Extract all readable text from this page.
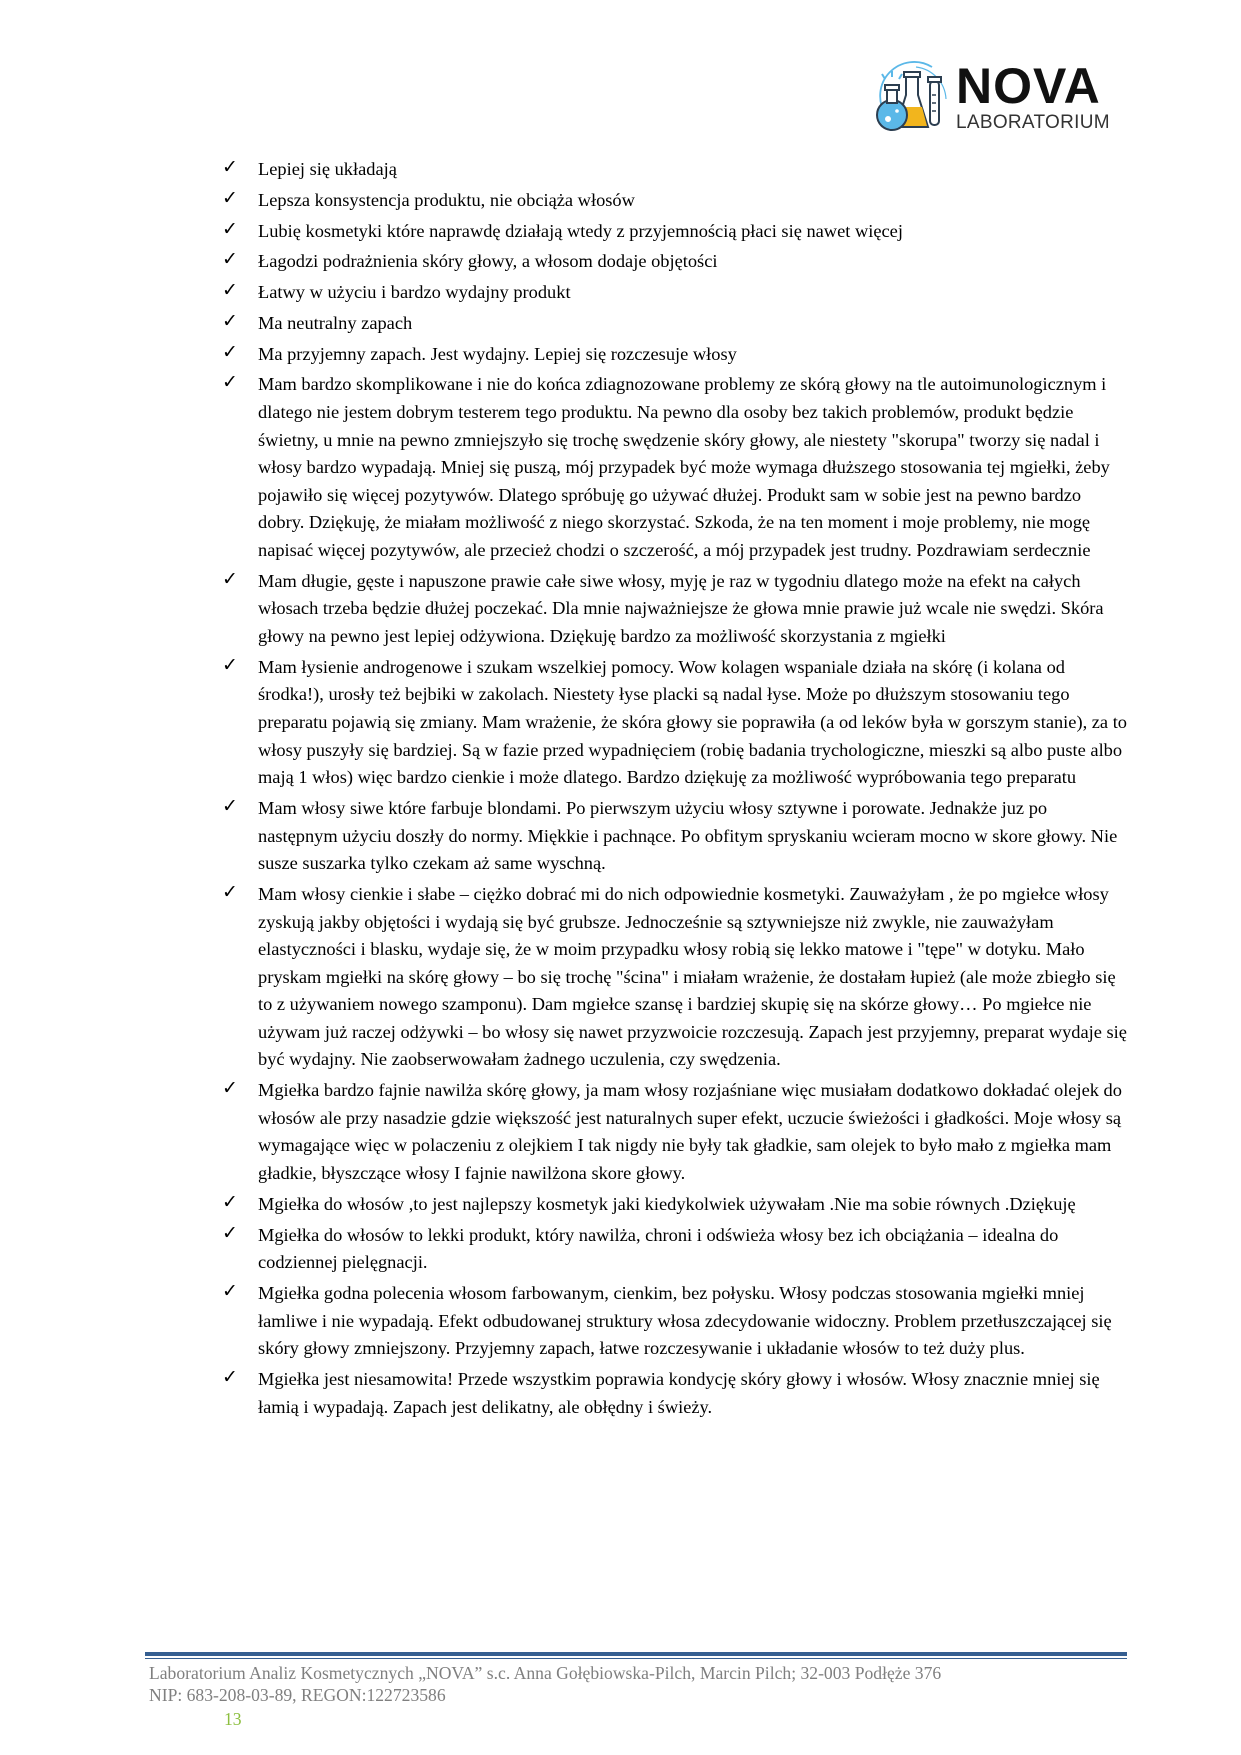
NOVA
LABORATORIUM
✓ Lepiej się układają
✓ Lepsza konsystencja produktu, nie obciąża włosów
✓ Lubię kosmetyki które naprawdę działają wtedy z przyjemnością płaci się nawet więcej
✓ Łagodzi podrażnienia skóry głowy, a włosom dodaje objętości
✓ Łatwy w użyciu i bardzo wydajny produkt
✓ Ma neutralny zapach
✓ Ma przyjemny zapach. Jest wydajny. Lepiej się rozczesuje włosy
✓ Mam bardzo skomplikowane i nie do końca zdiagnozowane problemy ze skórą głowy na tle autoimunologicznym i dlatego nie jestem dobrym testerem tego produktu. Na pewno dla osoby bez takich problemów, produkt będzie świetny, u mnie na pewno zmniejszyło się trochę swędzenie skóry głowy, ale niestety "skorupa" tworzy się nadal i włosy bardzo wypadają. Mniej się puszą, mój przypadek być może wymaga dłuższego stosowania tej mgiełki, żeby pojawiło się więcej pozytywów. Dlatego spróbuję go używać dłużej. Produkt sam w sobie jest na pewno bardzo dobry. Dziękuję, że miałam możliwość z niego skorzystać. Szkoda, że na ten moment i moje problemy, nie mogę napisać więcej pozytywów, ale przecież chodzi o szczerość, a mój przypadek jest trudny. Pozdrawiam serdecznie
✓ Mam długie, gęste i napuszone prawie całe siwe włosy, myję je raz w tygodniu dlatego może na efekt na całych włosach trzeba będzie dłużej poczekać. Dla mnie najważniejsze że głowa mnie prawie już wcale nie swędzi. Skóra głowy na pewno jest lepiej odżywiona. Dziękuję bardzo za możliwość skorzystania z mgiełki
✓ Mam łysienie androgenowe i szukam wszelkiej pomocy. Wow kolagen wspaniale działa na skórę (i kolana od środka!), urosły też bejbiki w zakolach. Niestety łyse placki są nadal łyse. Może po dłuższym stosowaniu tego preparatu pojawią się zmiany. Mam wrażenie, że skóra głowy sie poprawiła (a od leków była w gorszym stanie), za to włosy puszyły się bardziej. Są w fazie przed wypadnięciem (robię badania trychologiczne, mieszki są albo puste albo mają 1 włos) więc bardzo cienkie i może dlatego. Bardzo dziękuję za możliwość wypróbowania tego preparatu
✓ Mam włosy siwe które farbuje blondami. Po pierwszym użyciu włosy sztywne i porowate. Jednakże juz po następnym użyciu doszły do normy. Miękkie i pachnące. Po obfitym spryskaniu wcieram mocno w skore głowy. Nie susze suszarka tylko czekam aż same wyschną.
✓ Mam włosy cienkie i słabe – ciężko dobrać mi do nich odpowiednie kosmetyki. Zauważyłam , że po mgiełce włosy zyskują jakby objętości i wydają się być grubsze. Jednocześnie są sztywniejsze niż zwykle, nie zauważyłam elastyczności i blasku, wydaje się, że w moim przypadku włosy robią się lekko matowe i "tępe" w dotyku. Mało pryskam mgiełki na skórę głowy – bo się trochę "ścina" i miałam wrażenie, że dostałam łupież (ale może zbiegło się to z używaniem nowego szamponu). Dam mgiełce szansę i bardziej skupię się na skórze głowy… Po mgiełce nie używam już raczej odżywki – bo włosy się nawet przyzwoicie rozczesują. Zapach jest przyjemny, preparat wydaje się być wydajny. Nie zaobserwowałam żadnego uczulenia, czy swędzenia.
✓ Mgiełka bardzo fajnie nawilża skórę głowy, ja mam włosy rozjaśniane więc musiałam dodatkowo dokładać olejek do włosów ale przy nasadzie gdzie większość jest naturalnych super efekt, uczucie świeżości i gładkości. Moje włosy są wymagające więc w polaczeniu z olejkiem I tak nigdy nie były tak gładkie, sam olejek to było mało z mgiełka mam gładkie, błyszczące włosy I fajnie nawilżona skore głowy.
✓ Mgiełka do włosów ,to jest najlepszy kosmetyk jaki kiedykolwiek używałam .Nie ma sobie równych .Dziękuję
✓ Mgiełka do włosów to lekki produkt, który nawilża, chroni i odświeża włosy bez ich obciążania – idealna do codziennej pielęgnacji.
✓ Mgiełka godna polecenia włosom farbowanym, cienkim, bez połysku. Włosy podczas stosowania mgiełki mniej łamliwe i nie wypadają. Efekt odbudowanej struktury włosa zdecydowanie widoczny. Problem przetłuszczającej się skóry głowy zmniejszony. Przyjemny zapach, łatwe rozczesywanie i układanie włosów to też duży plus.
✓ Mgiełka jest niesamowita! Przede wszystkim poprawia kondycję skóry głowy i włosów. Włosy znacznie mniej się łamią i wypadają. Zapach jest delikatny, ale obłędny i świeży.
Laboratorium Analiz Kosmetycznych „NOVA” s.c. Anna Gołębiowska-Pilch, Marcin Pilch; 32-003 Podłęże 376
NIP: 683-208-03-89, REGON:122723586
13
